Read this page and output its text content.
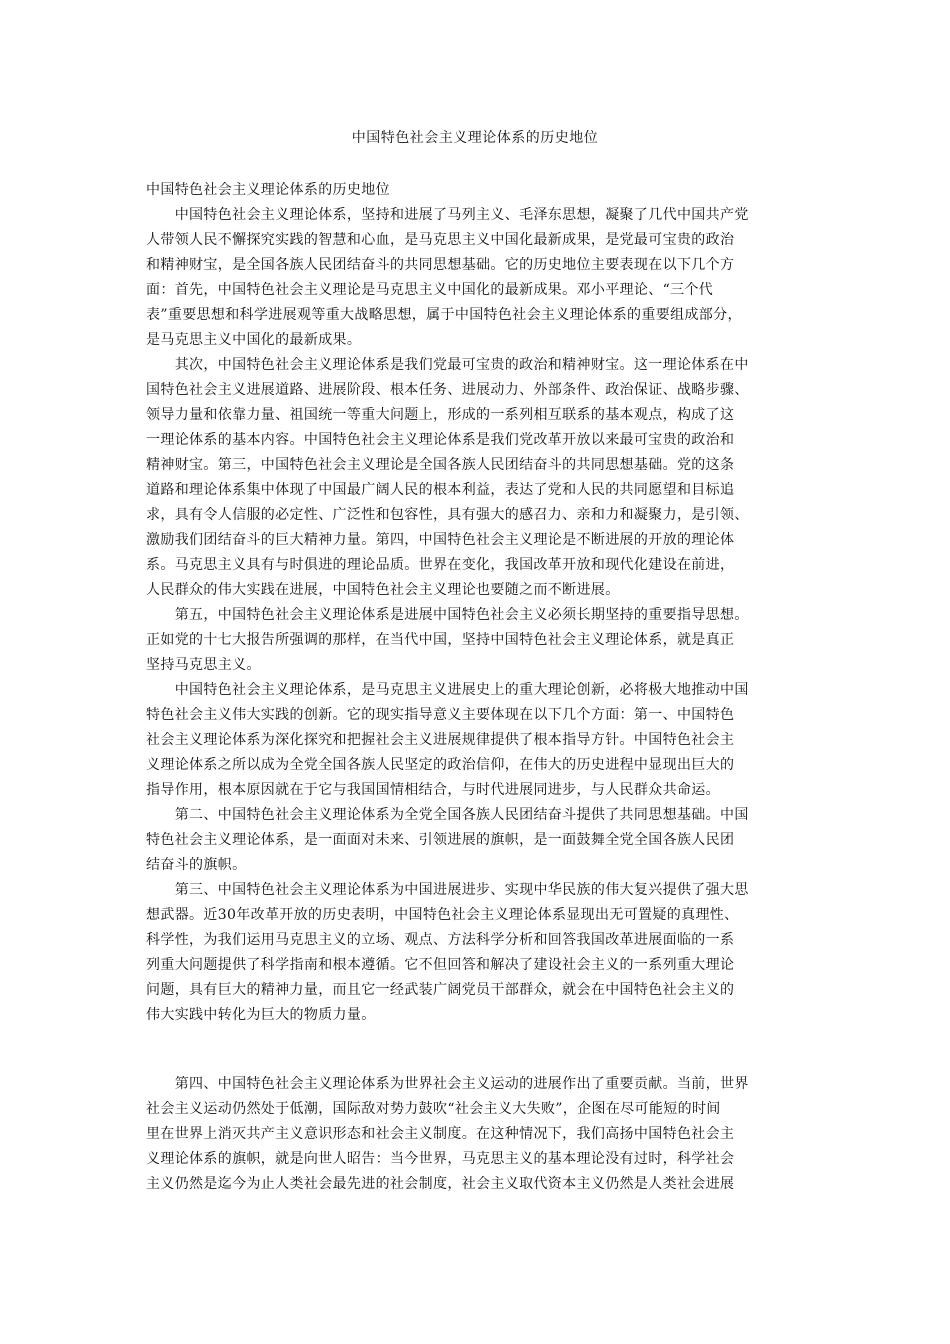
中国特色社会主义理论体系的历史地位
中国特色社会主义理论体系的历史地位
　　中国特色社会主义理论体系，坚持和进展了马列主义、毛泽东思想，凝聚了几代中国共产党
人带领人民不懈探究实践的智慧和心血，是马克思主义中国化最新成果，是党最可宝贵的政治
和精神财宝，是全国各族人民团结奋斗的共同思想基础。它的历史地位主要表现在以下几个方
面：首先，中国特色社会主义理论是马克思主义中国化的最新成果。邓小平理论、“三个代
表”重要思想和科学进展观等重大战略思想，属于中国特色社会主义理论体系的重要组成部分，
是马克思主义中国化的最新成果。
　　其次，中国特色社会主义理论体系是我们党最可宝贵的政治和精神财宝。这一理论体系在中
国特色社会主义进展道路、进展阶段、根本任务、进展动力、外部条件、政治保证、战略步骤、
领导力量和依靠力量、祖国统一等重大问题上，形成的一系列相互联系的基本观点，构成了这
一理论体系的基本内容。中国特色社会主义理论体系是我们党改革开放以来最可宝贵的政治和
精神财宝。第三，中国特色社会主义理论是全国各族人民团结奋斗的共同思想基础。党的这条
道路和理论体系集中体现了中国最广阔人民的根本利益，表达了党和人民的共同愿望和目标追
求，具有令人信服的必定性、广泛性和包容性，具有强大的感召力、亲和力和凝聚力，是引领、
激励我们团结奋斗的巨大精神力量。第四，中国特色社会主义理论是不断进展的开放的理论体
系。马克思主义具有与时俱进的理论品质。世界在变化，我国改革开放和现代化建设在前进，
人民群众的伟大实践在进展，中国特色社会主义理论也要随之而不断进展。
　　第五，中国特色社会主义理论体系是进展中国特色社会主义必须长期坚持的重要指导思想。
正如党的十七大报告所强调的那样，在当代中国，坚持中国特色社会主义理论体系，就是真正
坚持马克思主义。
　　中国特色社会主义理论体系，是马克思主义进展史上的重大理论创新，必将极大地推动中国
特色社会主义伟大实践的创新。它的现实指导意义主要体现在以下几个方面：第一、中国特色
社会主义理论体系为深化探究和把握社会主义进展规律提供了根本指导方针。中国特色社会主
义理论体系之所以成为全党全国各族人民坚定的政治信仰，在伟大的历史进程中显现出巨大的
指导作用，根本原因就在于它与我国国情相结合，与时代进展同进步，与人民群众共命运。
　　第二、中国特色社会主义理论体系为全党全国各族人民团结奋斗提供了共同思想基础。中国
特色社会主义理论体系，是一面面对未来、引领进展的旗帜，是一面鼓舞全党全国各族人民团
结奋斗的旗帜。
　　第三、中国特色社会主义理论体系为中国进展进步、实现中华民族的伟大复兴提供了强大思
想武器。近30年改革开放的历史表明，中国特色社会主义理论体系显现出无可置疑的真理性、
科学性，为我们运用马克思主义的立场、观点、方法科学分析和回答我国改革进展面临的一系
列重大问题提供了科学指南和根本遵循。它不但回答和解决了建设社会主义的一系列重大理论
问题，具有巨大的精神力量，而且它一经武装广阔党员干部群众，就会在中国特色社会主义的
伟大实践中转化为巨大的物质力量。
　　第四、中国特色社会主义理论体系为世界社会主义运动的进展作出了重要贡献。当前，世界
社会主义运动仍然处于低潮，国际敌对势力鼓吹“社会主义大失败”，企图在尽可能短的时间
里在世界上消灭共产主义意识形态和社会主义制度。在这种情况下，我们高扬中国特色社会主
义理论体系的旗帜，就是向世人昭告：当今世界，马克思主义的基本理论没有过时，科学社会
主义仍然是迄今为止人类社会最先进的社会制度，社会主义取代资本主义仍然是人类社会进展
